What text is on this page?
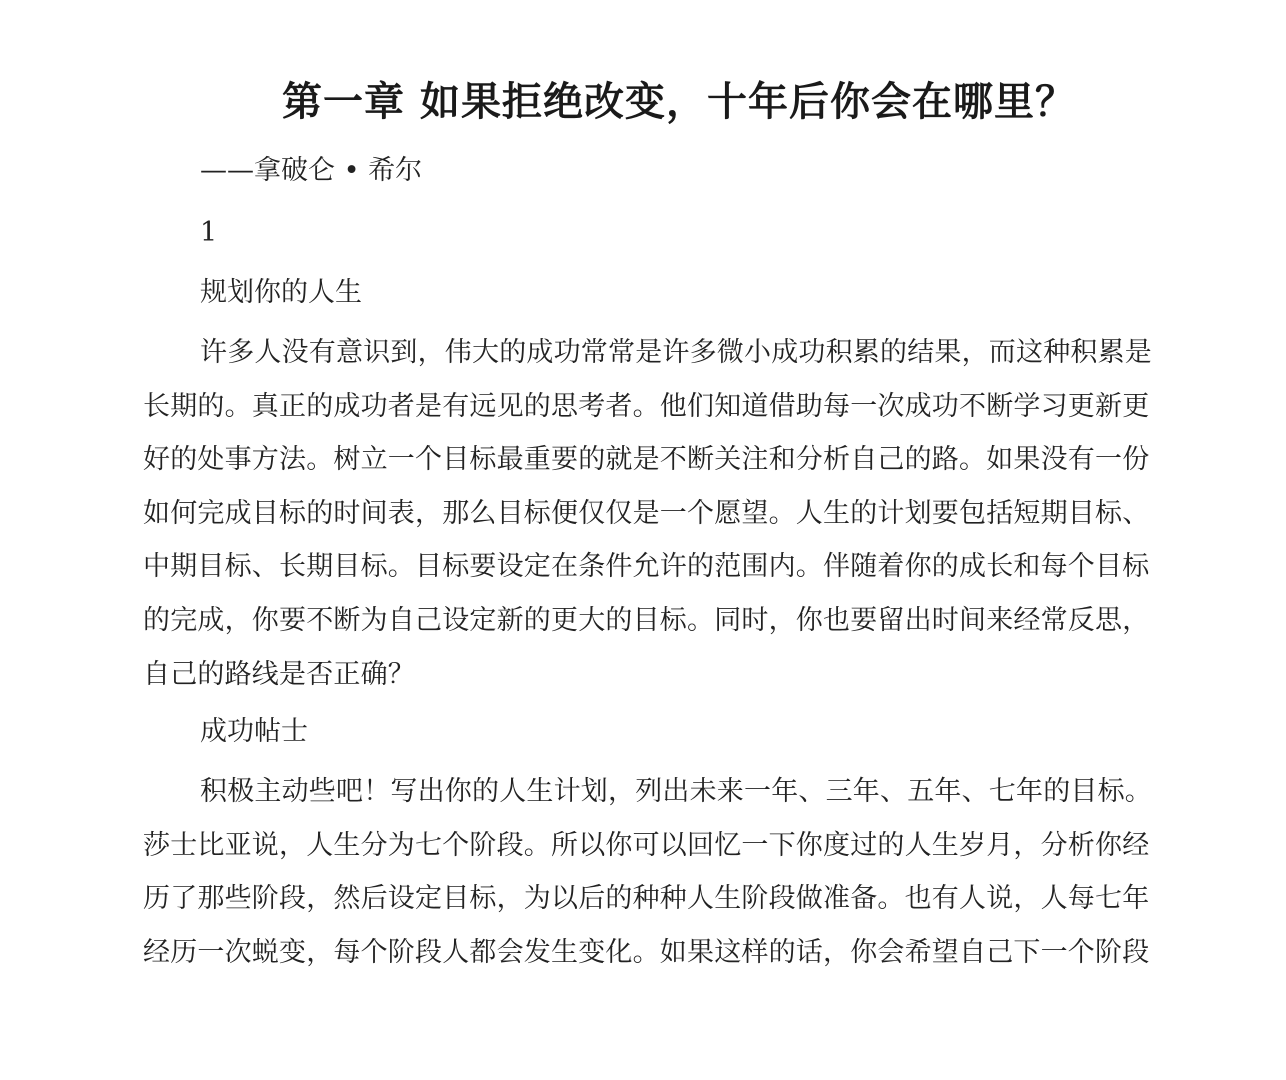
第一章 如果拒绝改变，十年后你会在哪里？

——拿破仑 • 希尔

1

规划你的人生

许多人没有意识到，伟大的成功常常是许多微小成功积累的结果，而这种积累是
长期的。真正的成功者是有远见的思考者。他们知道借助每一次成功不断学习更新更
好的处事方法。树立一个目标最重要的就是不断关注和分析自己的路。如果没有一份
如何完成目标的时间表，那么目标便仅仅是一个愿望。人生的计划要包括短期目标、
中期目标、长期目标。目标要设定在条件允许的范围内。伴随着你的成长和每个目标
的完成，你要不断为自己设定新的更大的目标。同时，你也要留出时间来经常反思，
自己的路线是否正确？

成功帖士

积极主动些吧！写出你的人生计划，列出未来一年、三年、五年、七年的目标。
莎士比亚说，人生分为七个阶段。所以你可以回忆一下你度过的人生岁月，分析你经
历了那些阶段，然后设定目标，为以后的种种人生阶段做准备。也有人说，人每七年
经历一次蜕变，每个阶段人都会发生变化。如果这样的话，你会希望自己下一个阶段
